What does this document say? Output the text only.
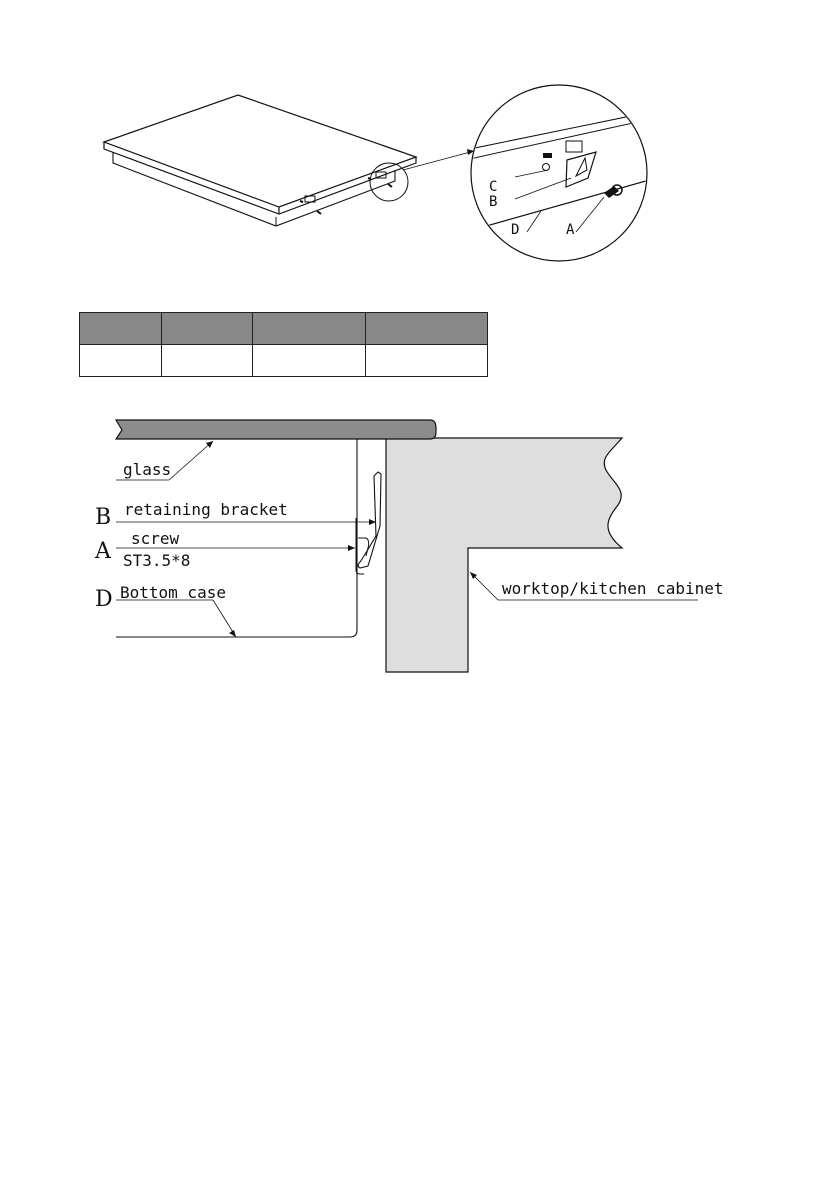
C
B
D	A

glass
B retaining bracket
A
screw
ST3.5*8
D Bottom case	worktop/kitchen cabinet
